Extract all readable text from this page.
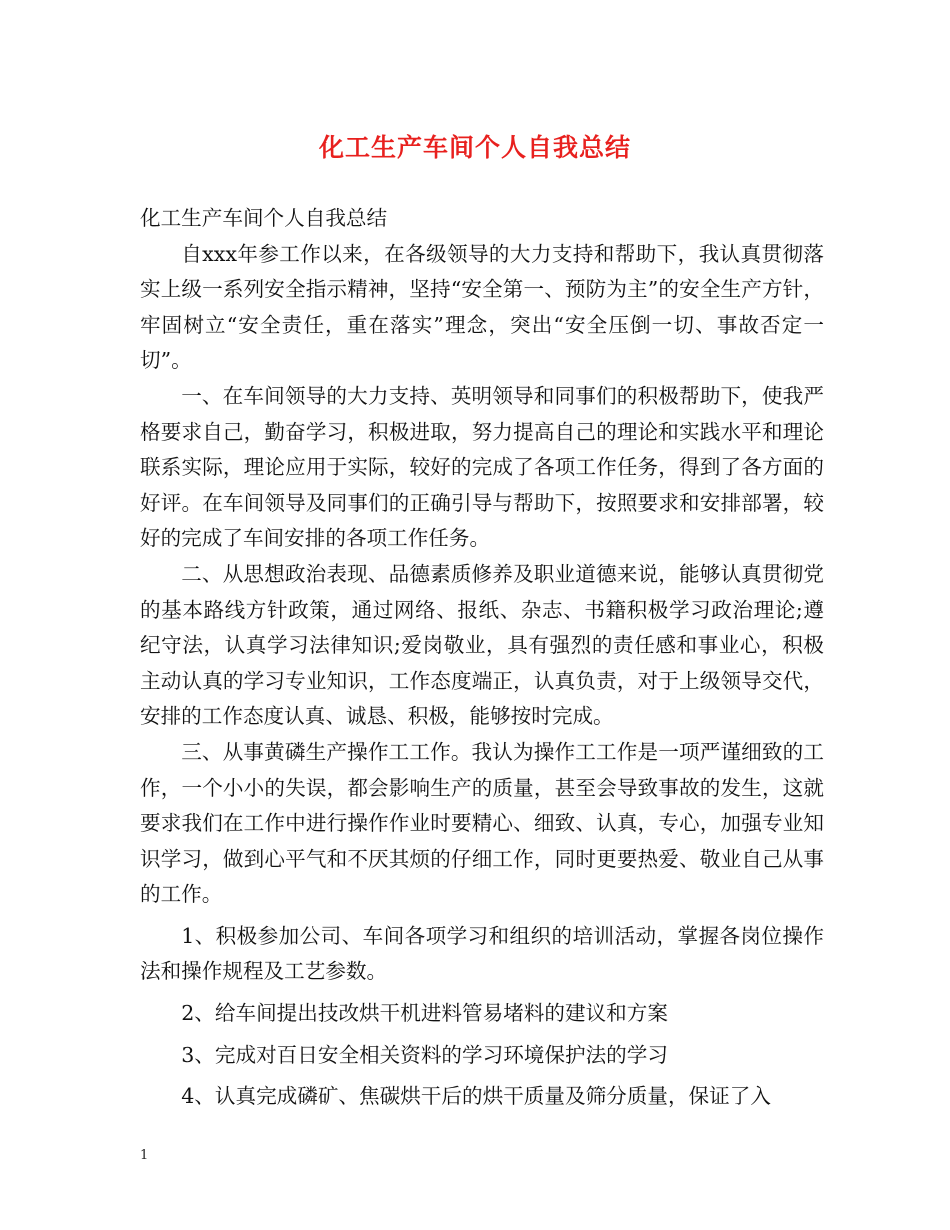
化工生产车间个人自我总结

化工生产车间个人自我总结

自xxx年参工作以来，在各级领导的大力支持和帮助下，我认真贯彻落实上级一系列安全指示精神，坚持“安全第一、预防为主”的安全生产方针，牢固树立“安全责任，重在落实”理念，突出“安全压倒一切、事故否定一切”。

一、在车间领导的大力支持、英明领导和同事们的积极帮助下，使我严格要求自己，勤奋学习，积极进取，努力提高自己的理论和实践水平和理论联系实际，理论应用于实际，较好的完成了各项工作任务，得到了各方面的好评。在车间领导及同事们的正确引导与帮助下，按照要求和安排部署，较好的完成了车间安排的各项工作任务。

二、从思想政治表现、品德素质修养及职业道德来说，能够认真贯彻党的基本路线方针政策，通过网络、报纸、杂志、书籍积极学习政治理论;遵纪守法，认真学习法律知识;爱岗敬业，具有强烈的责任感和事业心，积极主动认真的学习专业知识，工作态度端正，认真负责，对于上级领导交代，安排的工作态度认真、诚恳、积极，能够按时完成。

三、从事黄磷生产操作工工作。我认为操作工工作是一项严谨细致的工作，一个小小的失误，都会影响生产的质量，甚至会导致事故的发生，这就要求我们在工作中进行操作作业时要精心、细致、认真，专心，加强专业知识学习，做到心平气和不厌其烦的仔细工作，同时更要热爱、敬业自己从事的工作。

1、积极参加公司、车间各项学习和组织的培训活动，掌握各岗位操作法和操作规程及工艺参数。

2、给车间提出技改烘干机进料管易堵料的建议和方案

3、完成对百日安全相关资料的学习环境保护法的学习

4、认真完成磷矿、焦碳烘干后的烘干质量及筛分质量，保证了入

1
